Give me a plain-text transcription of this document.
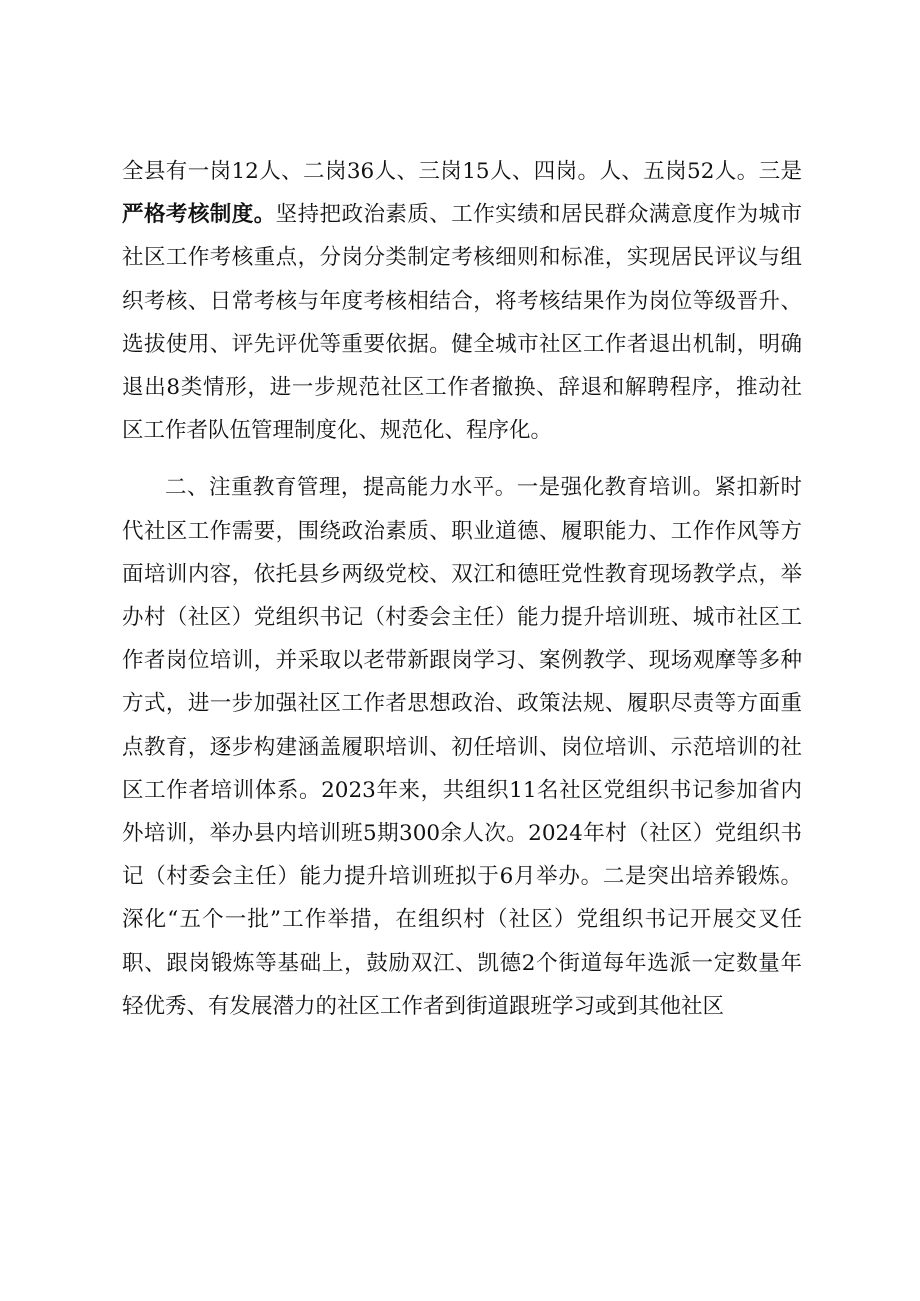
全县有一岗12人、二岗36人、三岗15人、四岗。人、五岗52人。三是严格考核制度。坚持把政治素质、工作实绩和居民群众满意度作为城市社区工作考核重点，分岗分类制定考核细则和标准，实现居民评议与组织考核、日常考核与年度考核相结合，将考核结果作为岗位等级晋升、选拔使用、评先评优等重要依据。健全城市社区工作者退出机制，明确退出8类情形，进一步规范社区工作者撤换、辞退和解聘程序，推动社区工作者队伍管理制度化、规范化、程序化。

二、注重教育管理，提高能力水平。一是强化教育培训。紧扣新时代社区工作需要，围绕政治素质、职业道德、履职能力、工作作风等方面培训内容，依托县乡两级党校、双江和德旺党性教育现场教学点，举办村（社区）党组织书记（村委会主任）能力提升培训班、城市社区工作者岗位培训，并采取以老带新跟岗学习、案例教学、现场观摩等多种方式，进一步加强社区工作者思想政治、政策法规、履职尽责等方面重点教育，逐步构建涵盖履职培训、初任培训、岗位培训、示范培训的社区工作者培训体系。2023年来，共组织11名社区党组织书记参加省内外培训，举办县内培训班5期300余人次。2024年村（社区）党组织书记（村委会主任）能力提升培训班拟于6月举办。二是突出培养锻炼。深化“五个一批”工作举措，在组织村（社区）党组织书记开展交叉任职、跟岗锻炼等基础上，鼓励双江、凯德2个街道每年选派一定数量年轻优秀、有发展潜力的社区工作者到街道跟班学习或到其他社区
